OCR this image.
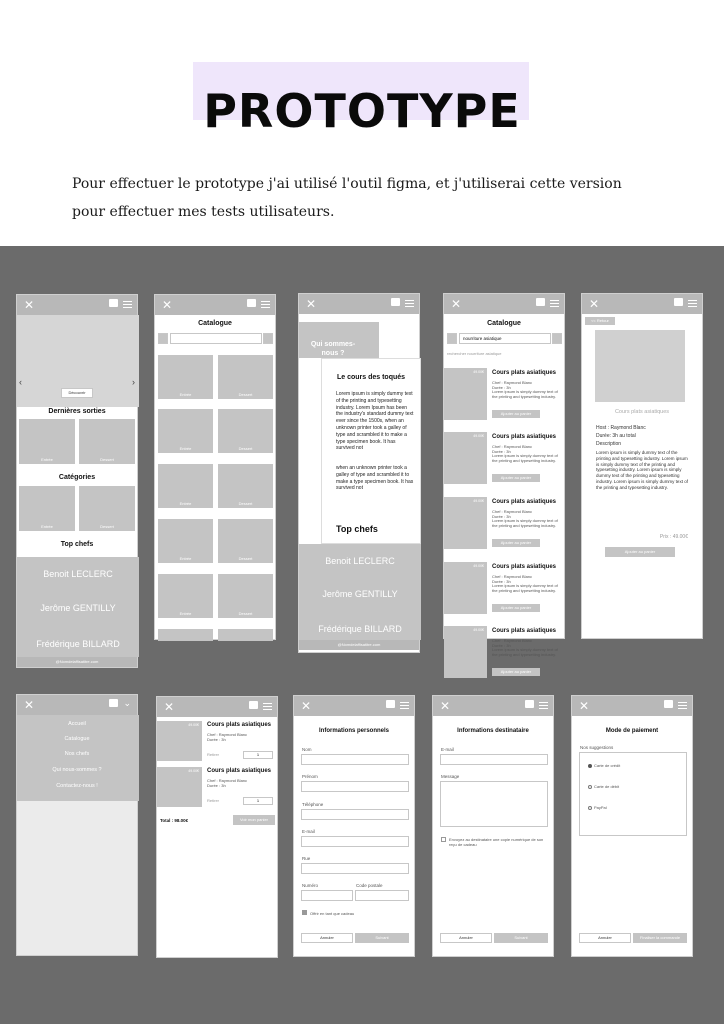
PROTOTYPE
Pour effectuer le prototype j'ai utilisé l'outil figma, et j'utiliserai cette version pour effectuer mes tests utilisateurs.
✕
‹	›
Découvrir
Dernières sorties
Entrée	Dessert
Catégories
Entrée	Dessert
Top chefs
Benoit LECLERC
Jerôme GENTILLY
Frédérique BILLARD
@Nomdelaffisatitre.com
✕
Catalogue
Entrée	Dessert
Entrée	Dessert
Entrée	Dessert
Entrée	Dessert
Entrée	Dessert
✕
Qui sommes-nous ?
Le cours des toqués
Lorem ipsum is simply dummy text of the printing and typesetting industry. Lorem Ipsum has been the industry's standard dummy text ever since the 1500s, when an unknown printer took a galley of type and scrambled it to make a type specimen book. It has survived not
when an unknown printer took a galley of type and scrambled it to make a type specimen book. It has survived not
Top chefs
Benoit LECLERC
Jerôme GENTILLY
Frédérique BILLARD
@Nomdelaffisatitre.com
✕
Catalogue
nourriture asiatique
rechercher nourriture asiatique
49.00€ Cours plats asiatiques
Chef : Raymond Blanc
Durée : 3h
Lorem ipsum is simply dummy text of the printing and typesetting industry.
Ajouter au panier
49.00€ Cours plats asiatiques
Chef : Raymond Blanc
Durée : 3h
Lorem ipsum is simply dummy text of the printing and typesetting industry.
Ajouter au panier
49.00€ Cours plats asiatiques
Chef : Raymond Blanc
Durée : 3h
Lorem ipsum is simply dummy text of the printing and typesetting industry.
Ajouter au panier
49.00€ Cours plats asiatiques
Chef : Raymond Blanc
Durée : 3h
Lorem ipsum is simply dummy text of the printing and typesetting industry.
Ajouter au panier
49.00€ Cours plats asiatiques
Chef : Raymond Blanc
Durée : 3h
Lorem ipsum is simply dummy text of the printing and typesetting industry.
Ajouter au panier
✕
<< Retour
Cours plats asiatiques
Host : Raymond Blanc
Durée: 3h au total
Description
Lorem ipsum is simply dummy text of the printing and typesetting industry. Lorem ipsum is simply dummy text of the printing and typesetting industry. Lorem ipsum is simply dummy text of the printing and typesetting industry. Lorem ipsum is simply dummy text of the printing and typesetting industry.
Prix : 49.00€
Ajouter au panier
✕	⌄
Accueil
Catalogue
Nos chefs
Qui nous-sommes ?
Contactez-nous !
✕
49.00€ Cours plats asiatiques
Chef : Raymond Blanc
Durée : 3h
Retirer	1
49.00€ Cours plats asiatiques
Chef : Raymond Blanc
Durée : 3h
Retirer	1
Total : 98.00€	Voir mon panier
✕
Informations personnels
Nom
Prénom
Téléphone
E-mail
Rue
Numéro	Code postale
Offrir en tant que cadeau
Annuler	Suivant
✕
Informations destinataire
E-mail
Message
Envoyez au destinataire une copie numérique de son reçu de cadeau
Annuler	Suivant
✕
Mode de paiement
Nos suggestions
Carte de crédit
Carte de débit
PayPal
Annuler	Finaliser la commande
